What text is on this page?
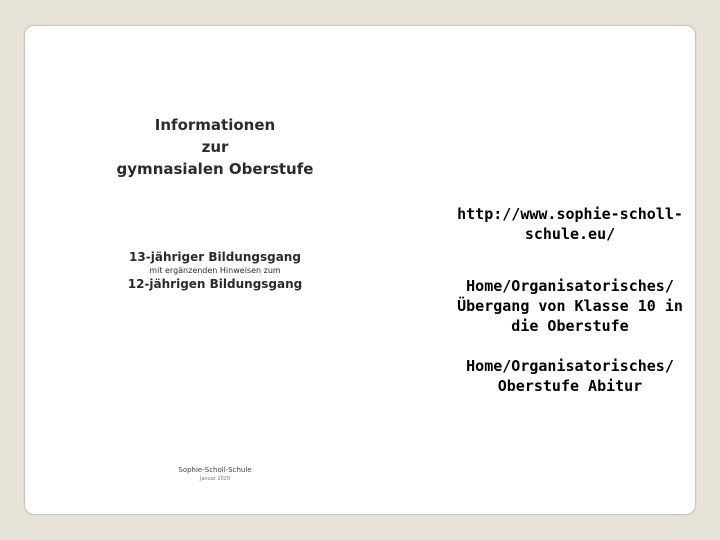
Informationen
zur
gymnasialen Oberstufe
13-jähriger Bildungsgang
mit ergänzenden Hinweisen zum
12-jährigen Bildungsgang
Sophie-Scholl-Schule
Januar 2020
http://www.sophie-scholl-
schule.eu/
Home/Organisatorisches/
Übergang von Klasse 10 in
die Oberstufe
Home/Organisatorisches/
Oberstufe Abitur
